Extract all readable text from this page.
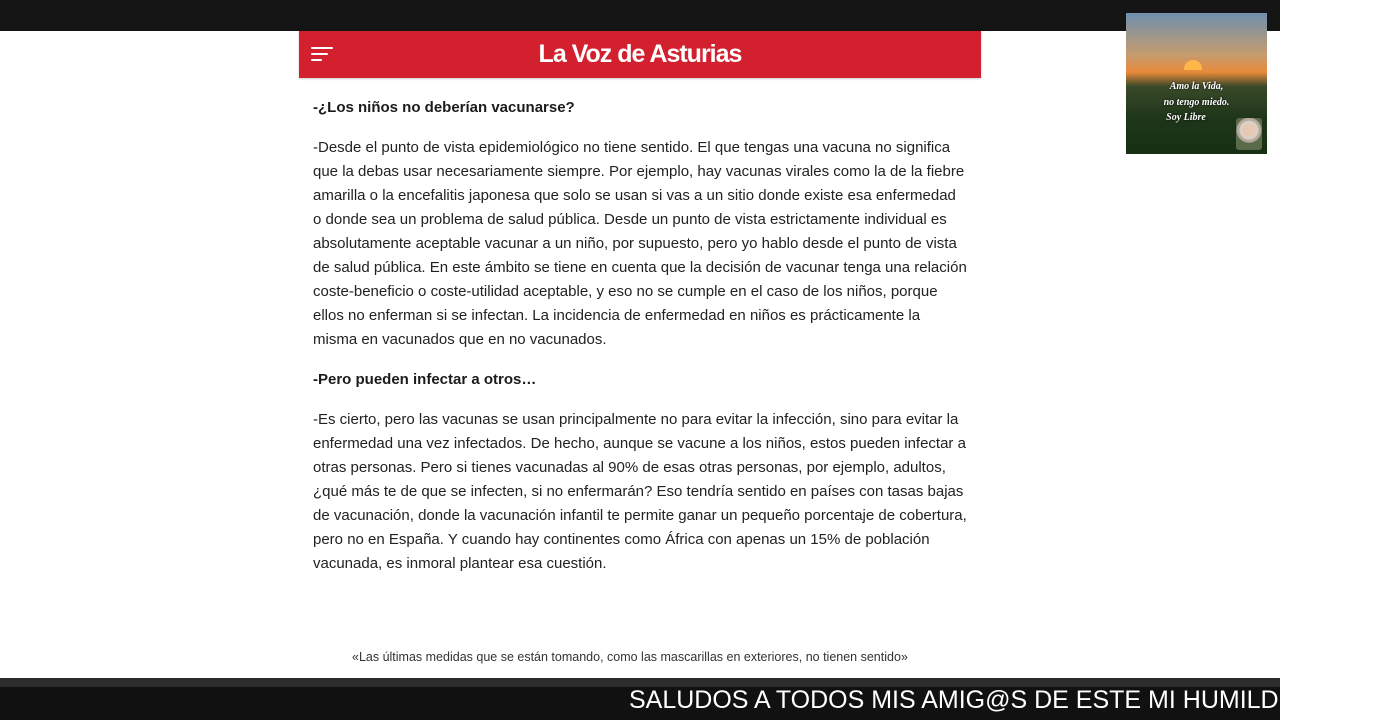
La Voz de Asturias

-¿Los niños no deberían vacunarse?

-Desde el punto de vista epidemiológico no tiene sentido. El que tengas una vacuna no significa que la debas usar necesariamente siempre. Por ejemplo, hay vacunas virales como la de la fiebre amarilla o la encefalitis japonesa que solo se usan si vas a un sitio donde existe esa enfermedad o donde sea un problema de salud pública. Desde un punto de vista estrictamente individual es absolutamente aceptable vacunar a un niño, por supuesto, pero yo hablo desde el punto de vista de salud pública. En este ámbito se tiene en cuenta que la decisión de vacunar tenga una relación coste-beneficio o coste-utilidad aceptable, y eso no se cumple en el caso de los niños, porque ellos no enferman si se infectan. La incidencia de enfermedad en niños es prácticamente la misma en vacunados que en no vacunados.

-Pero pueden infectar a otros…

-Es cierto, pero las vacunas se usan principalmente no para evitar la infección, sino para evitar la enfermedad una vez infectados. De hecho, aunque se vacune a los niños, estos pueden infectar a otras personas. Pero si tienes vacunadas al 90% de esas otras personas, por ejemplo, adultos, ¿qué más te de que se infecten, si no enfermarán? Eso tendría sentido en países con tasas bajas de vacunación, donde la vacunación infantil te permite ganar un pequeño porcentaje de cobertura, pero no en España. Y cuando hay continentes como África con apenas un 15% de población vacunada, es inmoral plantear esa cuestión.

«Las últimas medidas que se están tomando, como las mascarillas en exteriores, no tienen sentido»
Amo la Vida,
no tengo miedo.
Soy Libre
SALUDOS A TODOS MIS AMIG@S DE ESTE MI HUMILDE CANAL
